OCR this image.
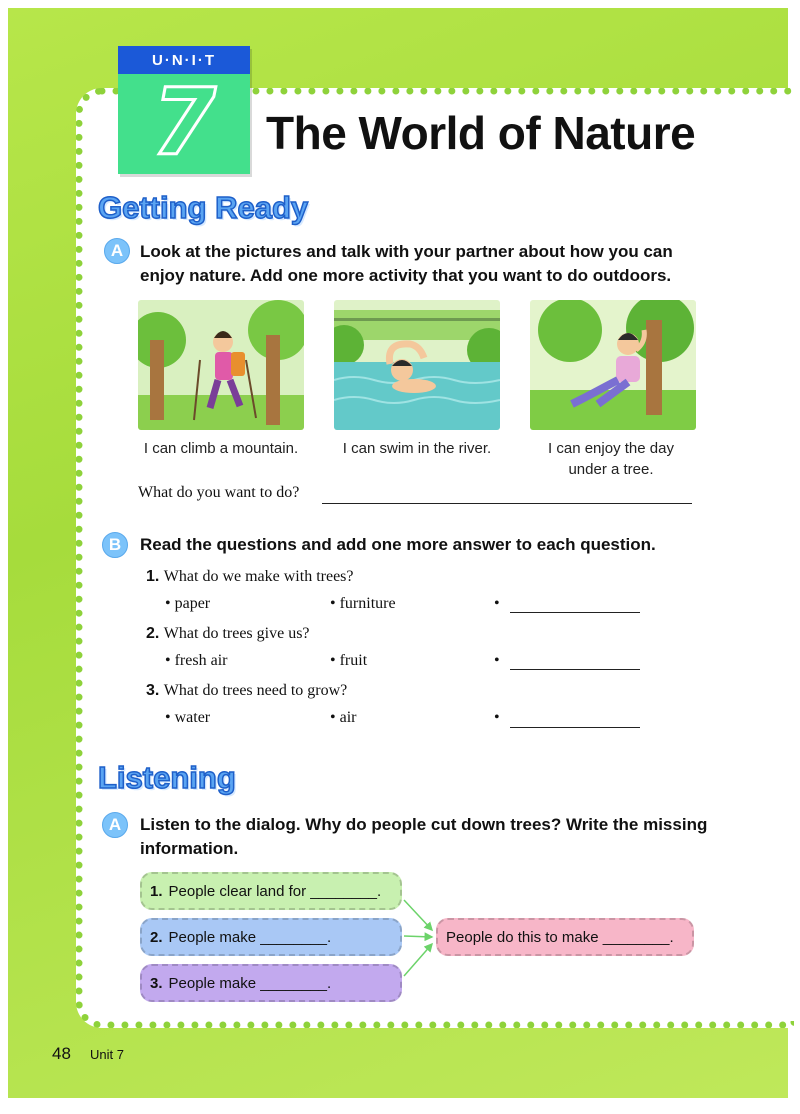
U·N·I·T
7	The World of Nature
Getting Ready
A Look at the pictures and talk with your partner about how you can
enjoy nature. Add one more activity that you want to do outdoors.
I can climb a mountain.	I can swim in the river.	I can enjoy the day
under a tree.
What do you want to do?
B	Read the questions and add one more answer to each question.
1. What do we make with trees?
• paper	• furniture	•
2. What do trees give us?
• fresh air	• fruit	•
3. What do trees need to grow?
• water	• air	•
Listening
A	Listen to the dialog. Why do people cut down trees? Write the missing
information.
1. People clear land for ________.
2. People make ________.
3. People make ________.
People do this to make ________.
48 Unit 7
